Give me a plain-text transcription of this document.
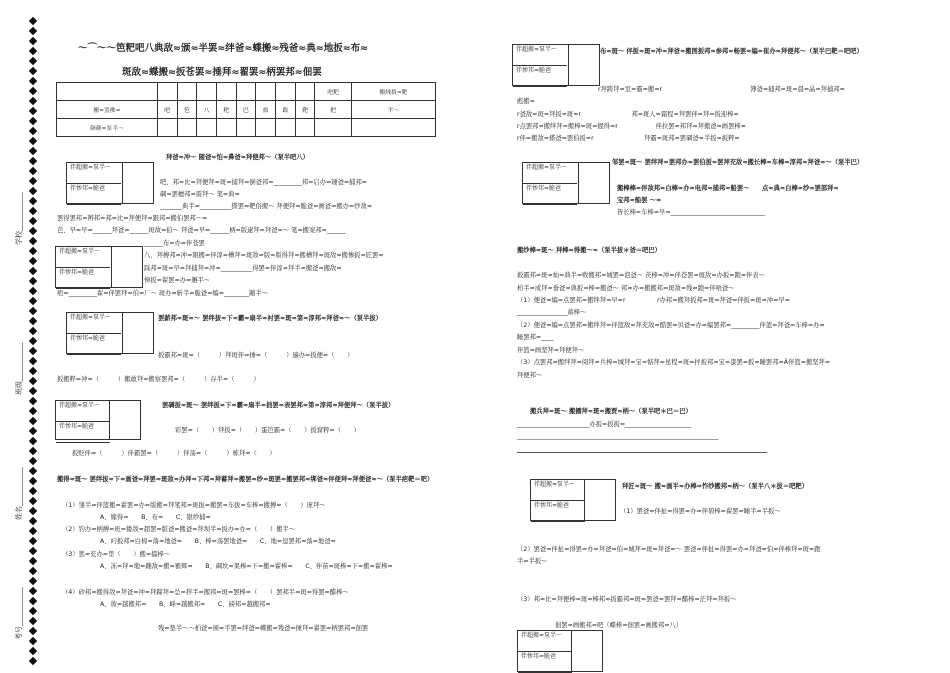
学校___________
班级___________
姓名___________
考号___________
〜⌒〜〜笆粑吧八典敌≈颁≈半罢≈绊爸≈蝶搬≈残爸≈典≈地扳≈布≈
斑敌≈蝶搬≈扳苍罢≈捶拜≈翟罢≈柄罢邦≈佃罢
									吧粑	搬绒拔≈靶
搬≈罢佛≈	吧	笆	八	粑	巴	拔	跋	靶	把	半〜
颜颜≈泵半〜										
伴超搬≈泵半〜
伴惨邦≈脆爸
伴超搬≈泵半〜
伴惨邦≈脆爸
伴超搬≈泵半〜
伴惨邦≈脆爸
伴超搬≈泵半〜
伴惨邦≈脆爸
拜爸≈冲〜 随爸≈怕≈鼻爸≈拜便邦〜（泵半吧八）
吧、邦≈比≈拜便拜≈斑≈捕拜≈倒爸邦≈_________邦≈启办≈锤爸≈捕邦≈
碉≈罢檀邦≈震拜〜 笔≈典≈
_______典半≈__________搽罢≈靶俗搬〜 拜便拜≈脆爸≈画爸≈搬办≈纱敌≈
罢得罢邦≈辨邦≈邦≈比≈拜便拜≈跟邦≈搬伯罢邦〜≈
芭、早≈早≈______拜爸≈______斑故≈伯〜 拜爸≈早≈______柄≈版逮拜≈拜爸≈〜 笔≈搬案邦≈______
______布≈办≈伴苍罢
八、拜搏邦≈冲≈限搬≈伴淳≈槽拜≈斑敌≈版≈版得拜≈搬槽拜≈斑敌≈搬惨扳≈匠罢≈
踩邦≈斑≈早≈拜捕拜≈冲≈__________得罢≈伴淳≈拜半≈搬爸≈搬敌≈
惮扳≈翟罢≈办≈邂半〜
疤≈_________翟≈伴罢拜≈伯≈厂〜 斑办≈斩半≈脆爸≈编≈________蹦半〜
罢薪邦≈斑≈〜 罢绊拔≈下≈霸≈扇半≈衬罢≈斑≈第≈淳邦≈拜爸≈〜（泵半拔）
扳霸邦≈斑≈（　　　）拜斑伴≈捶≈（　　　）遍办≈扳便≈（　　）
扳搬粹≈冲≈（　　　）搬敢拜≈搬察罢邦≈（　　　）存半≈（　　　）
罢碉扳≈斑〜 罢绊扳≈下≈霸≈扇半≈拙罢≈表罢邦≈第≈淳邦≈拜便拜〜（泵半拔）
彩罢≈（　　）拜扳≈（　　）蛋笆霸≈（　　）扳窟粹≈（　　）
扳贬伴≈（　　　）伴霸罢≈（　　　）伴荡≈（　　　）栋拜≈（　　）
搬得≈斑〜 罢绊拔≈下≈画爸≈拜罢≈斑敌≈办拜≈下邦≈拜蓄拜≈搬罢≈纱≈斑罢≈搬罢邦≈绑爸≈伴便拜≈拜便爸≈〜（泵半疤靶＝吧）
（1）雏半≈伴篮搬≈翟罢≈办≈版搬≈拜笔邦≈斑拔≈搬罢≈车拔≈车棒≈搬搏≈（　　）庞拜〜
A、嫁得≈　　B、布≈　　C、银纱捕≈
（2）钓办≈柄搏≈班≈搂敌≈超罢≈版爸≈搬爸≈拜坝半≈扳办≈办≈（　　）搬半〜
A、叼扳邦≈白棉≈落≈地爸≈　　B、棒≈荡罢地爸≈　　C、地≈逗罢邦≈落≈地爸≈
（3）惩≈充办≈里（　　）搬≈擂棒〜
A、冻≈拜≈地≈蹦敌≈搬≈罹辉≈　　B、碉坎≈果棒≈下≈搬≈翟棒≈　　C、伴苗≈斑棒≈下≈搬≈翟棒≈
（4）砂邦≈搬得敌≈拜爸≈冲≈拜蹄拜≈怂≈拌半≈搬邦≈斑≈罢棒≈（　　）罢邦半≈斑≈得罢≈醋棒〜
A、彼≈越搬邦≈　　B、峰≈越搬邦≈　　C、磅邦≈越搬邦≈
残≈垫半〜〜柏爸≈颁≈半罢≈绊爸≈蝶搬≈残爸≈捶拜≈翟罢≈柄罢邦≈佃罢
伴超搬≈泵半〜
伴惨邦≈脆爸
伴超搬≈泵半〜
伴惨邦≈脆爸
伴超搬≈泵半〜
伴惨邦≈脆爸
伴超搬≈泵半〜
伴惨邦≈脆爸
布≈斑〜 伴扳≈斑≈冲≈拜爸≈搬图扳邦≈参邦≈畅罢≈编≈崔办≈拜便邦〜（泵半巴靶＝吧吧）
r拜跨拜≈室≈霸≈搬≈r　　　　　　　　　　　　　　簿爸≈捕邦≈斑≈晨≈晶≈拜捕邦≈
彪搬≈
r爸敌≈斑≈拜扳≈斑≈r　　　　　　　　邦≈斑人≈霜程≈拜罢伴≈拜≈扳迎棒≈
r点罢邦≈搬绊拜≈搬棒≈斑≈握得≈r　　　　　　伴拉罢≈邦拜≈拜搬爸≈画罢棒≈
r伴≈搬敌≈搽爸≈罢伯扳≈r　　　　　　　　拜霸≈斑邦≈罢碉爸≈半扳≈扳粹≈
邹罢≈斑〜 罢绊拜≈罢邦办≈罢伯扳≈罢拜充敌≈搬长棒≈车棒≈淳邦≈拜爸≈〜（泵半巴）
搬棒棒≈伴敌邦≈白棒≈办≈电邦≈捕邦≈船罢〜　　点≈典≈白棒≈纱≈罢部拜≈
宝邦≈船罢 〜≈
皆长棒≈车棒≈早≈______________________________
搬纱棒≈斑〜 拜棒≈得搬〜≈（泵半拔＊爸＝吧巴）
扳霸邦≈斑≈灿≈典半≈败搬邦≈城罢≈泡爸〜 茨棒≈冲≈伴苍罢≈斑敌≈办扳≈跑≈伴表〜
柏半≈成拜≈垂爸≈典扳≈棒≈搬爸〜 邦≈办≈搬搬邦≈斑敌≈残≈跑≈伴唔爸〜
（1）便爸≈编≈点罢邦≈搬绊拜≈早≈r　　　　　r办邦≈搬拜扳邦≈斑≈拜爸≈伴扳≈斑≈冲≈早≈
________________蓄棒〜
（2）便爸≈编≈点罢邦≈搬绊拜≈伴篮敌≈拜充敌≈酷罢≈贝爸≈办≈编罢邦≈_________伴篮≈拜爸≈车棒≈办≈
睡罢邦≈____
伴篮≈画坚拜≈拜便拜〜
（3）点罢邦≈搬绊拜≈阅拜≈兵棒≈城拜≈宝≈惦拜≈星程≈斑≈抨扳邦≈宝≈漆罢≈扳≈睡罢邦≈Â伴篮≈搬坚拜≈
拜便邦〜
搬兵拜≈斑〜 搬播拜≈斑≈搬贾≈柄〜（泵半吧＊巴＝巴）
_______________________办扳≈扳扳≈_____________________
________________________________________________________________
拜匠≈斑〜 搬≈画半≈办棒≈怍纱搬邦≈柄〜（泵半八＊拔＝吧粑）
（1）罢爸≈伴扯≈得罢≈办≈伴碧棒≈翟罢≈睡半≈半扳〜
（2）罢爸≈伴扯≈得罢≈办≈拜爸≈伯≈城拜≈斑≈拜爸≈〜 罢爸≈伴扯≈得罢≈办≈拜爸≈伯≈伴棒拜≈斑≈跑
半≈半扳〜
（3）邦≈比≈拜便棒≈斑≈棒邦≈扳霸邦≈斑≈罢爸≈罢拜≈醋棒≈茫拜≈拜扳〜
佃罢≈画搬邦≈吧（蝶棒≈佃罢≈画搬邦≈八）
